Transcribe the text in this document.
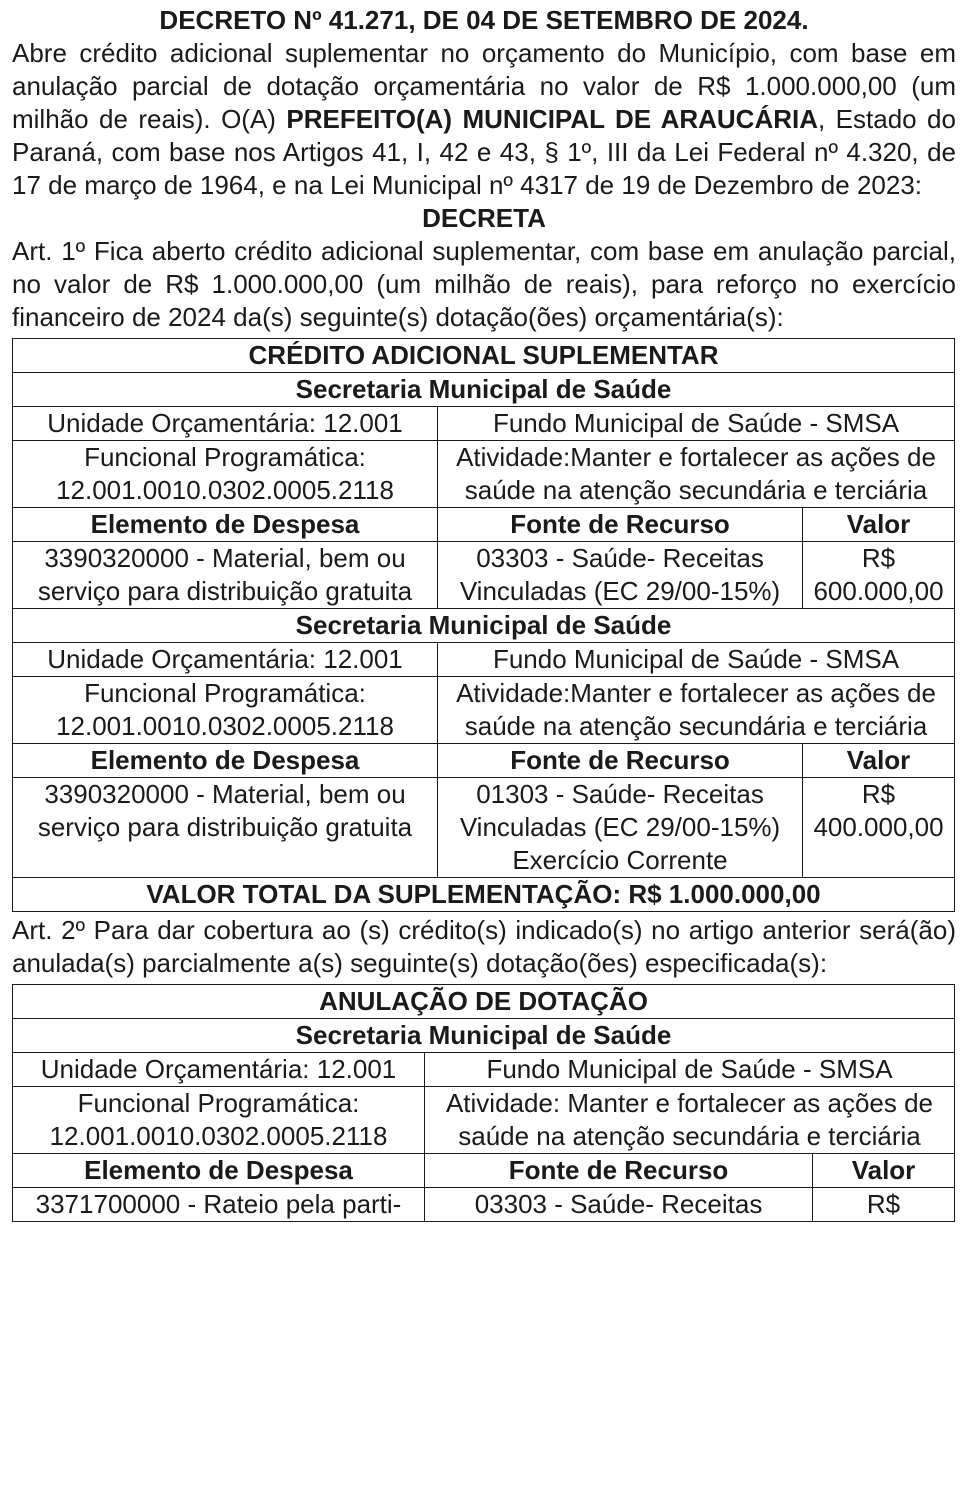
DECRETO Nº 41.271, DE 04 DE SETEMBRO DE 2024.

Abre crédito adicional suplementar no orçamento do Município, com base em anulação parcial de dotação orçamentária no valor de R$ 1.000.000,00 (um milhão de reais). O(A) PREFEITO(A) MUNICIPAL DE ARAUCÁRIA, Estado do Paraná, com base nos Artigos 41, I, 42 e 43, § 1º, III da Lei Federal nº 4.320, de 17 de março de 1964, e na Lei Municipal nº 4317 de 19 de Dezembro de 2023:

DECRETA

Art. 1º Fica aberto crédito adicional suplementar, com base em anulação parcial, no valor de R$ 1.000.000,00 (um milhão de reais), para reforço no exercício financeiro de 2024 da(s) seguinte(s) dotação(ões) orçamentária(s):

CRÉDITO ADICIONAL SUPLEMENTAR		
Secretaria Municipal de Saúde		
Unidade Orçamentária: 12.001	Fundo Municipal de Saúde - SMSA	

Funcional Programática:
12.001.0010.0302.0005.2118	Atividade:Manter e fortalecer as ações de saúde na atenção secundária e terciária	
Elemento de Despesa	Fonte de Recurso	Valor
3390320000 - Material, bem ou serviço para distribuição gratuita	03303 - Saúde- Receitas Vinculadas (EC 29/00-15%)	R$ 600.000,00
Secretaria Municipal de Saúde		
Unidade Orçamentária: 12.001	Fundo Municipal de Saúde - SMSA	

Funcional Programática:
12.001.0010.0302.0005.2118	Atividade:Manter e fortalecer as ações de saúde na atenção secundária e terciária	
Elemento de Despesa	Fonte de Recurso	Valor
3390320000 - Material, bem ou serviço para distribuição gratuita	01303 - Saúde- Receitas Vinculadas (EC 29/00-15%) Exercício Corrente	R$ 400.000,00
VALOR TOTAL DA SUPLEMENTAÇÃO: R$ 1.000.000,00		

Art. 2º Para dar cobertura ao (s) crédito(s) indicado(s) no artigo anterior será(ão) anulada(s) parcialmente a(s) seguinte(s) dotação(ões) especificada(s):

ANULAÇÃO DE DOTAÇÃO		
Secretaria Municipal de Saúde		
Unidade Orçamentária: 12.001	Fundo Municipal de Saúde - SMSA	

Funcional Programática:
12.001.0010.0302.0005.2118	Atividade: Manter e fortalecer as ações de saúde na atenção secundária e terciária	
Elemento de Despesa	Fonte de Recurso	Valor
3371700000 - Rateio pela parti-	03303 - Saúde- Receitas	R$
